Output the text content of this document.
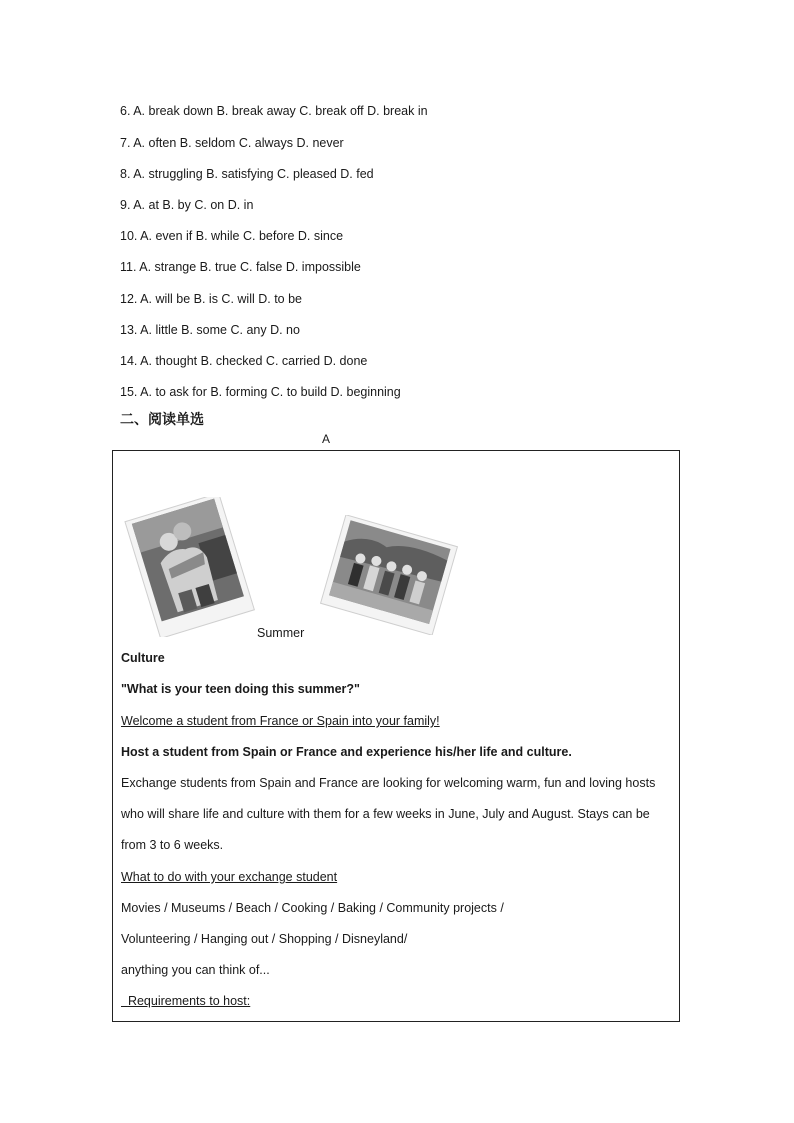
6. A. break down B. break away C. break off D. break in

7. A. often B. seldom C. always D. never

8. A. struggling B. satisfying C. pleased D. fed

9. A. at B. by C. on D. in

10. A. even if B. while C. before D. since

11. A. strange B. true C. false D. impossible

12. A. will be B. is C. will D. to be

13. A. little B. some C. any D. no

14. A. thought B. checked C. carried D. done

15. A. to ask for B. forming C. to build D. beginning

二、阅读单选

A

Summer

Culture

"What is your teen doing this summer?"

Welcome a student from France or Spain into your family!

Host a student from Spain or France and experience his/her life and culture.

Exchange students from Spain and France are looking for welcoming warm, fun and loving hosts

who will share life and culture with them for a few weeks in June, July and August. Stays can be

from 3 to 6 weeks.

What to do with your exchange student

Movies / Museums / Beach / Cooking / Baking / Community projects /

Volunteering / Hanging out / Shopping / Disneyland/

anything you can think of...

Requirements to host:
